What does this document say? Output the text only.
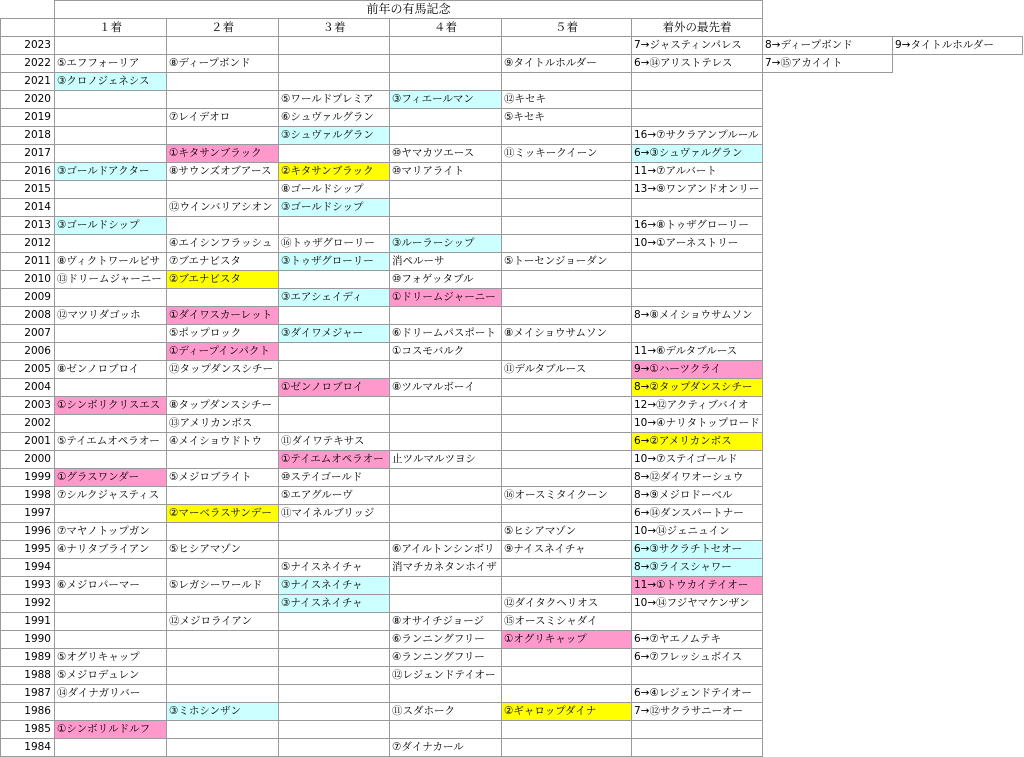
	前年の有馬記念							
	１着	２着	３着	４着	５着	着外の最先着		
2023						7→ジャスティンパレス	8→ディープボンド	9→タイトルホルダー
2022	⑤エフフォーリア	⑧ディープボンド			⑨タイトルホルダー	6→⑭アリストテレス	7→⑮アカイイト	
2021	③クロノジェネシス							
2020			⑤ワールドプレミア	③フィエールマン	⑫キセキ			
2019		⑦レイデオロ	⑥シュヴァルグラン		⑤キセキ			
2018			③シュヴァルグラン			16→⑦サクラアンプルール		
2017		①キタサンブラック		⑩ヤマカツエース	⑪ミッキークイーン	6→③シュヴァルグラン		
2016	③ゴールドアクター	⑧サウンズオブアース	②キタサンブラック	⑩マリアライト		11→⑦アルバート		
2015			⑧ゴールドシップ			13→⑨ワンアンドオンリー		
2014		⑫ウインバリアシオン	③ゴールドシップ					
2013	③ゴールドシップ					16→⑧トゥザグローリー		
2012		④エイシンフラッシュ	⑯トゥザグローリー	③ルーラーシップ		10→①アーネストリー		
2011	⑧ヴィクトワールピサ	⑦ブエナビスタ	③トゥザグローリー	消ペルーサ	⑤トーセンジョーダン			
2010	⑬ドリームジャーニー	②ブエナビスタ		⑩フォゲッタブル				
2009			③エアシェイディ	①ドリームジャーニー				
2008	⑫マツリダゴッホ	①ダイワスカーレット				8→⑧メイショウサムソン		
2007		⑤ポップロック	③ダイワメジャー	⑥ドリームパスポート	⑧メイショウサムソン			
2006		①ディープインパクト		①コスモバルク		11→⑥デルタブルース		
2005	⑧ゼンノロブロイ	⑫タップダンスシチー			⑪デルタブルース	9→①ハーツクライ		
2004			①ゼンノロブロイ	⑧ツルマルボーイ		8→②タップダンスシチー		
2003	①シンボリクリスエス	⑧タップダンスシチー				12→⑫アクティブバイオ		
2002		⑬アメリカンボス				10→④ナリタトップロード		
2001	⑤テイエムオペラオー	④メイショウドトウ	⑪ダイワテキサス			6→②アメリカンボス		
2000			①テイエムオペラオー	止ツルマルツヨシ		10→⑦ステイゴールド		
1999	①グラスワンダー	⑤メジロブライト	⑩ステイゴールド			8→⑫ダイワオーシュウ		
1998	⑦シルクジャスティス		⑤エアグルーヴ		⑯オースミタイクーン	8→⑨メジロドーベル		
1997		②マーベラスサンデー	⑪マイネルブリッジ			6→⑭ダンスパートナー		
1996	⑦マヤノトップガン				⑤ヒシアマゾン	10→⑭ジェニュイン		
1995	④ナリタブライアン	⑤ヒシアマゾン		⑥アイルトンシンボリ	⑨ナイスネイチャ	6→③サクラチトセオー		
1994			⑤ナイスネイチャ	消マチカネタンホイザ		8→③ライスシャワー		
1993	⑥メジロパーマー	⑤レガシーワールド	③ナイスネイチャ			11→①トウカイテイオー		
1992			③ナイスネイチャ		⑫ダイタクヘリオス	10→⑭フジヤマケンザン		
1991		⑫メジロライアン		⑧オサイチジョージ	⑮オースミシャダイ			
1990				⑥ランニングフリー	①オグリキャップ	6→⑦ヤエノムテキ		
1989	⑤オグリキャップ			④ランニングフリー		6→⑦フレッシュボイス		
1988	⑤メジロデュレン			⑫レジェンドテイオー				
1987	⑭ダイナガリバー					6→④レジェンドテイオー		
1986		③ミホシンザン		⑪スダホーク	②ギャロップダイナ	7→⑫サクラサニーオー		
1985	①シンボリルドルフ							
1984				⑦ダイナカール				
